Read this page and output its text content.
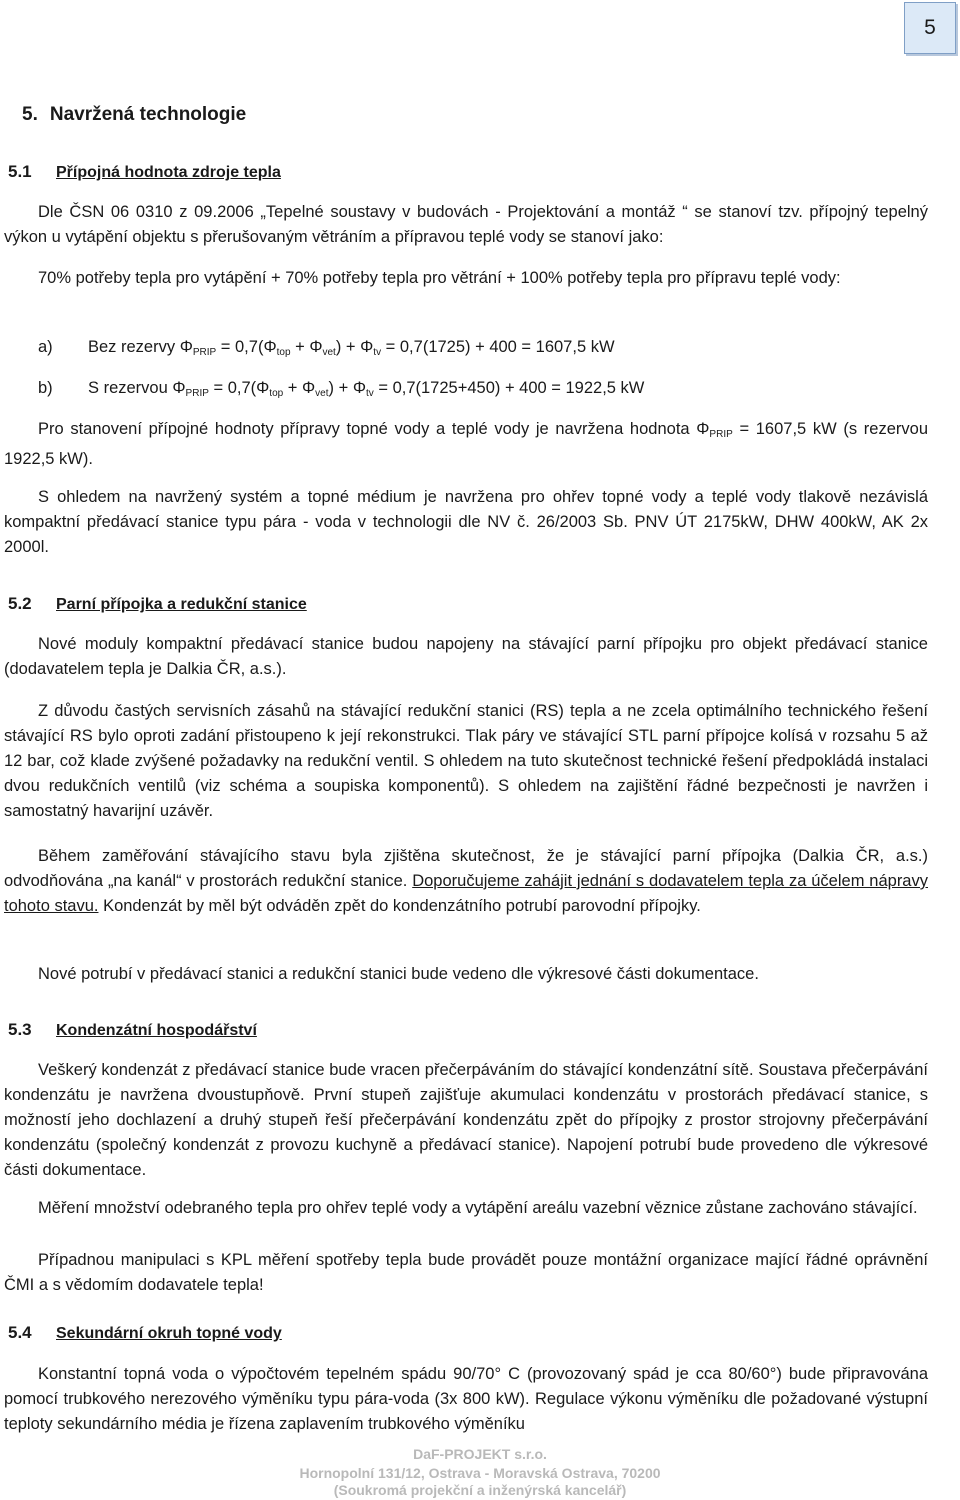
5
5. Navržená technologie
5.1 Přípojná hodnota zdroje tepla
Dle ČSN 06 0310 z 09.2006 „Tepelné soustavy v budovách - Projektování a montáž “ se stanoví tzv. přípojný tepelný výkon u vytápění objektu s přerušovaným větráním a přípravou teplé vody se stanoví jako:
70% potřeby tepla pro vytápění + 70% potřeby tepla pro větrání + 100% potřeby tepla pro přípravu teplé vody:
a) Bez rezervy $\Phi_{PRIP} = 0,7(\Phi_{top} + \Phi_{vet}) + \Phi_{tv} = 0,7(1725) + 400 = 1607,5$ kW
b) S rezervou $\Phi_{PRIP} = 0,7(\Phi_{top} + \Phi_{vet}) + \Phi_{tv} = 0,7(1725+450) + 400 = 1922,5$ kW
Pro stanovení přípojné hodnoty přípravy topné vody a teplé vody je navržena hodnota $\Phi_{PRIP} = 1607,5$ kW (s rezervou 1922,5 kW).
S ohledem na navržený systém a topné médium je navržena pro ohřev topné vody a teplé vody tlakově nezávislá kompaktní předávací stanice typu pára - voda v technologii dle NV č. 26/2003 Sb. PNV ÚT 2175kW, DHW 400kW, AK 2x 2000l.
5.2 Parní přípojka a redukční stanice
Nové moduly kompaktní předávací stanice budou napojeny na stávající parní přípojku pro objekt předávací stanice (dodavatelem tepla je Dalkia ČR, a.s.).
Z důvodu častých servisních zásahů na stávající redukční stanici (RS) tepla a ne zcela optimálního technického řešení stávající RS bylo oproti zadání přistoupeno k její rekonstrukci. Tlak páry ve stávající STL parní přípojce kolísá v rozsahu 5 až 12 bar, což klade zvýšené požadavky na redukční ventil. S ohledem na tuto skutečnost technické řešení předpokládá instalaci dvou redukčních ventilů (viz schéma a soupiska komponentů). S ohledem na zajištění řádné bezpečnosti je navržen i samostatný havarijní uzávěr.
Během zaměřování stávajícího stavu byla zjištěna skutečnost, že je stávající parní přípojka (Dalkia ČR, a.s.) odvodňována „na kanál“ v prostorách redukční stanice. Doporučujeme zahájit jednání s dodavatelem tepla za účelem nápravy tohoto stavu. Kondenzát by měl být odváděn zpět do kondenzátního potrubí parovodní přípojky.
Nové potrubí v předávací stanici a redukční stanici bude vedeno dle výkresové části dokumentace.
5.3 Kondenzátní hospodářství
Veškerý kondenzát z předávací stanice bude vracen přečerpáváním do stávající kondenzátní sítě. Soustava přečerpávání kondenzátu je navržena dvoustupňově. První stupeň zajišťuje akumulaci kondenzátu v prostorách předávací stanice, s možností jeho dochlazení a druhý stupeň řeší přečerpávání kondenzátu zpět do přípojky z prostor strojovny přečerpávání kondenzátu (společný kondenzát z provozu kuchyně a předávací stanice). Napojení potrubí bude provedeno dle výkresové části dokumentace.
Měření množství odebraného tepla pro ohřev teplé vody a vytápění areálu vazební věznice zůstane zachováno stávající.
Případnou manipulaci s KPL měření spotřeby tepla bude provádět pouze montážní organizace mající řádné oprávnění ČMI a s vědomím dodavatele tepla!
5.4 Sekundární okruh topné vody
Konstantní topná voda o výpočtovém tepelném spádu 90/70° C (provozovaný spád je cca 80/60°) bude připravována pomocí trubkového nerezového výměníku typu pára-voda (3x 800 kW). Regulace výkonu výměníku dle požadované výstupní teploty sekundárního média je řízena zaplavením trubkového výměníku
DaF-PROJEKT s.r.o.
Hornopolní 131/12, Ostrava - Moravská Ostrava, 70200
(Soukromá projekční a inženýrská kancelář)
